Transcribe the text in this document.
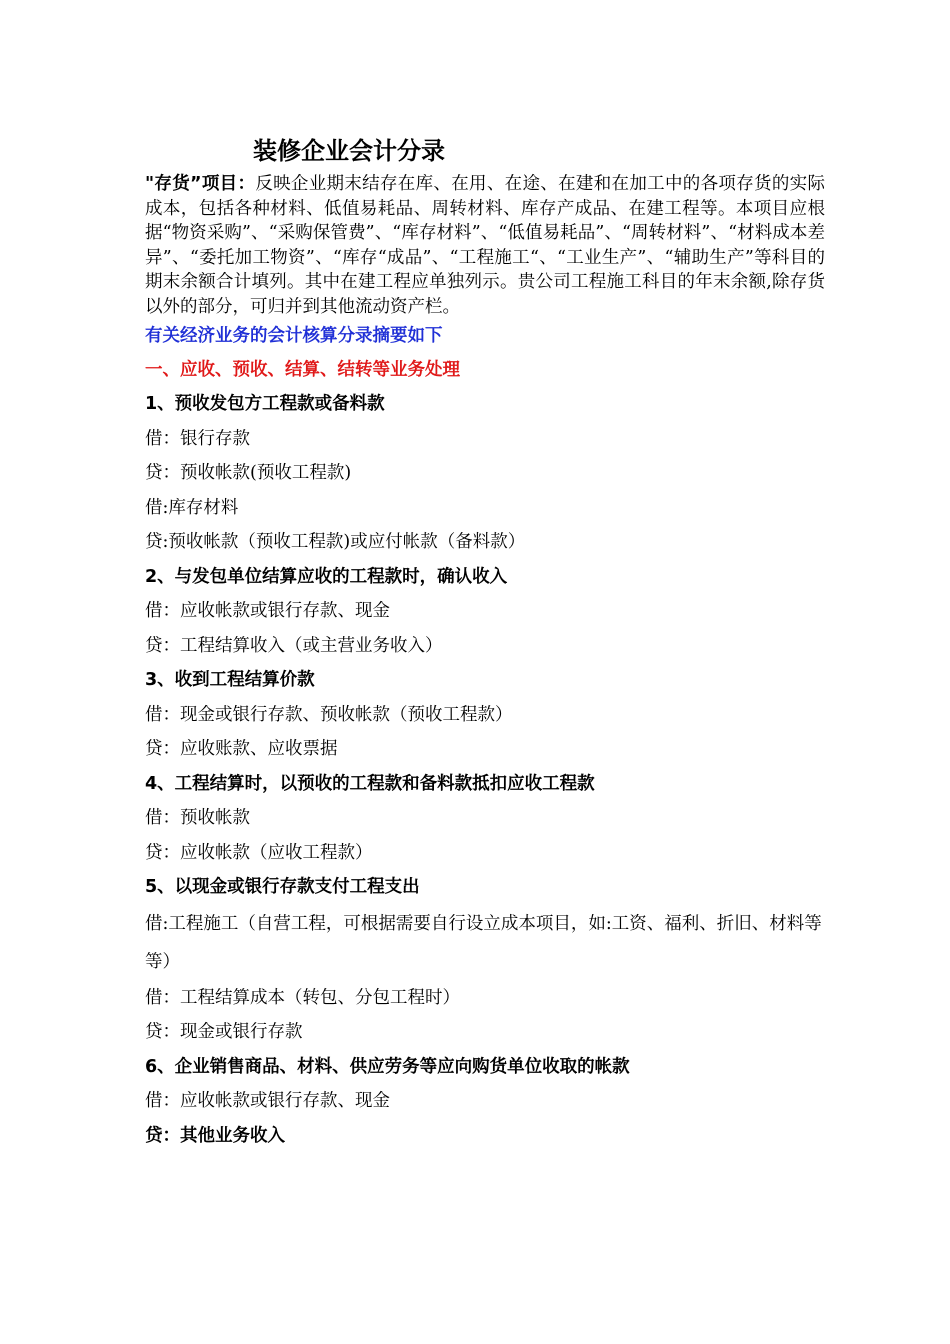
装修企业会计分录

"存货”项目：反映企业期末结存在库、在用、在途、在建和在加工中的各项存货的实际成本，包括各种材料、低值易耗品、周转材料、库存产成品、在建工程等。本项目应根据“物资采购”、“采购保管费”、“库存材料”、“低值易耗品”、“周转材料”、“材料成本差异”、“委托加工物资”、“库存“成品”、“工程施工“、“工业生产”、“辅助生产”等科目的期末余额合计填列。其中在建工程应单独列示。贵公司工程施工科目的年末余额,除存货以外的部分，可归并到其他流动资产栏。

有关经济业务的会计核算分录摘要如下

一、应收、预收、结算、结转等业务处理

1、预收发包方工程款或备料款

借：银行存款

贷：预收帐款(预收工程款)

借:库存材料

贷:预收帐款（预收工程款)或应付帐款（备料款）

2、与发包单位结算应收的工程款时，确认收入

借：应收帐款或银行存款、现金

贷：工程结算收入（或主营业务收入）

3、收到工程结算价款

借：现金或银行存款、预收帐款（预收工程款）

贷：应收账款、应收票据

4、工程结算时，以预收的工程款和备料款抵扣应收工程款

借：预收帐款

贷：应收帐款（应收工程款）

5、以现金或银行存款支付工程支出

借:工程施工（自营工程，可根据需要自行设立成本项目，如:工资、福利、折旧、材料等等）

借：工程结算成本（转包、分包工程时）

贷：现金或银行存款

6、企业销售商品、材料、供应劳务等应向购货单位收取的帐款

借：应收帐款或银行存款、现金

贷：其他业务收入
